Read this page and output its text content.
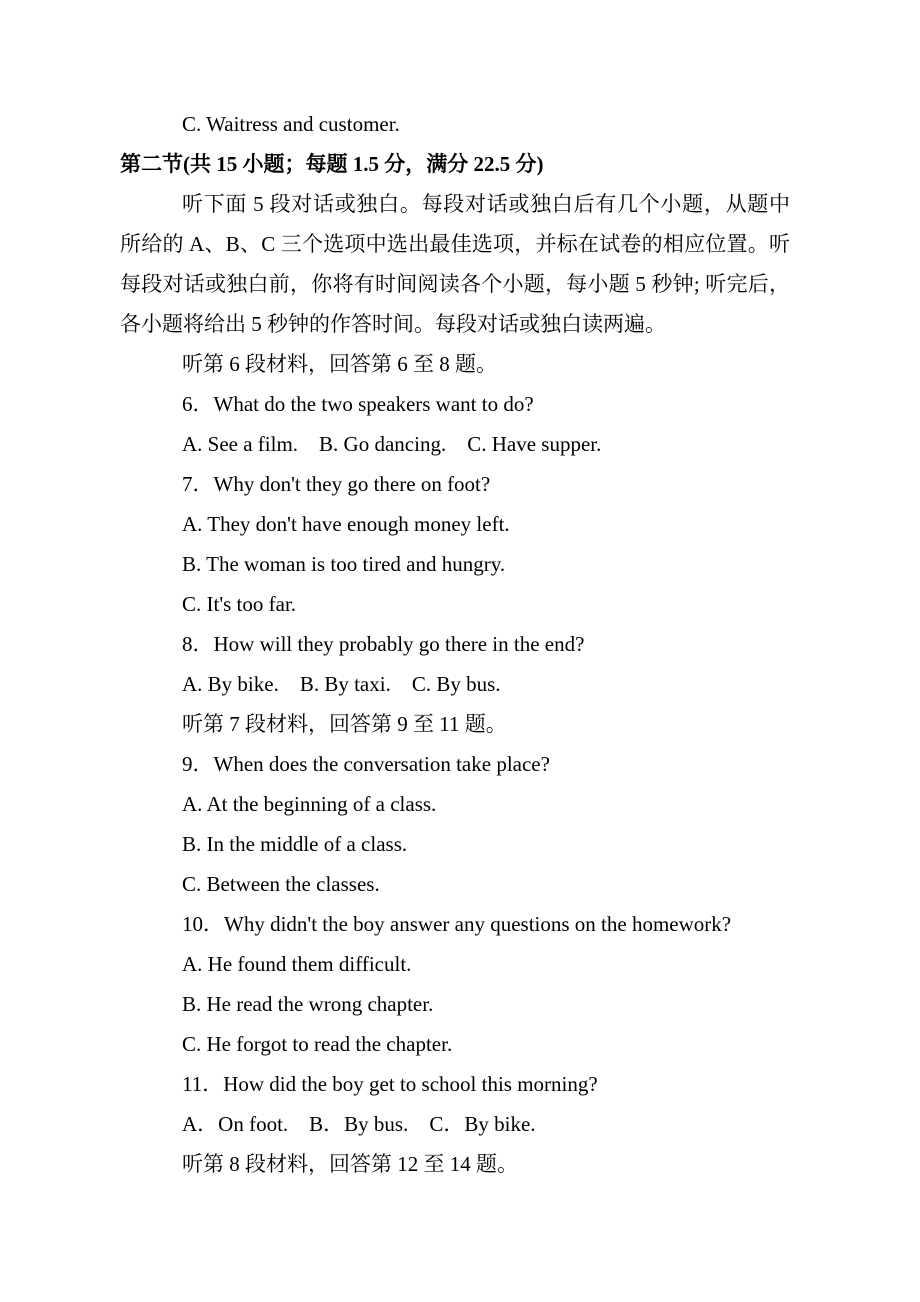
C. Waitress and customer.

第二节(共 15 小题；每题 1.5 分，满分 22.5 分)

听下面 5 段对话或独白。每段对话或独白后有几个小题，从题中所给的 A、B、C 三个选项中选出最佳选项，并标在试卷的相应位置。听每段对话或独白前，你将有时间阅读各个小题，每小题 5 秒钟; 听完后，各小题将给出 5 秒钟的作答时间。每段对话或独白读两遍。

听第 6 段材料，回答第 6 至 8 题。

6．What do the two speakers want to do?

A. See a film.　B. Go dancing.　C. Have supper.

7．Why don't they go there on foot?

A. They don't have enough money left.

B. The woman is too tired and hungry.

C. It's too far.

8．How will they probably go there in the end?

A. By bike.　B. By taxi.　C. By bus.

听第 7 段材料，回答第 9 至 11 题。

9．When does the conversation take place?

A. At the beginning of a class.

B. In the middle of a class.

C. Between the classes.

10．Why didn't the boy answer any questions on the homework?

A. He found them difficult.

B. He read the wrong chapter.

C. He forgot to read the chapter.

11．How did the boy get to school this morning?

A．On foot.　B．By bus.　C．By bike.

听第 8 段材料，回答第 12 至 14 题。
